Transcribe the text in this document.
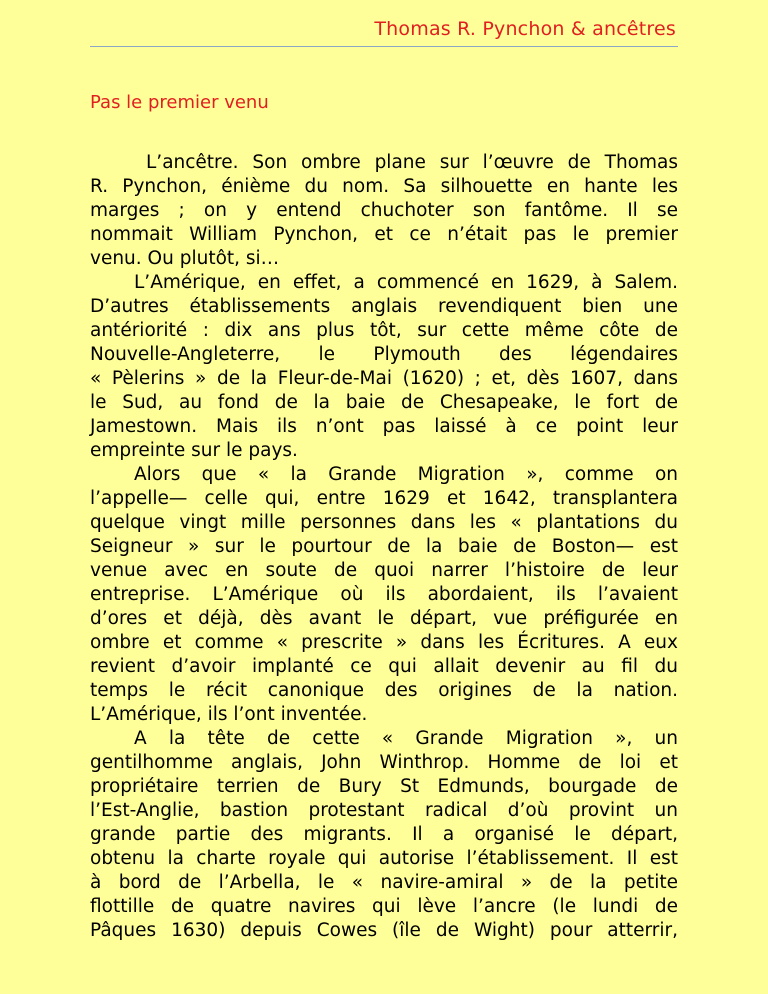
Thomas R. Pynchon & ancêtres
Pas le premier venu

L’ancêtre. Son ombre plane sur l’œuvre de Thomas
R. Pynchon, énième du nom. Sa silhouette en hante les
marges ; on y entend chuchoter son fantôme. Il se
nommait William Pynchon, et ce n’était pas le premier
venu. Ou plutôt, si…

L’Amérique, en effet, a commencé en 1629, à Salem.
D’autres établissements anglais revendiquent bien une
antériorité : dix ans plus tôt, sur cette même côte de
Nouvelle-Angleterre, le Plymouth des légendaires
« Pèlerins » de la Fleur-de-Mai (1620) ; et, dès 1607, dans
le Sud, au fond de la baie de Chesapeake, le fort de
Jamestown. Mais ils n’ont pas laissé à ce point leur
empreinte sur le pays.

Alors que « la Grande Migration », comme on
l’appelle— celle qui, entre 1629 et 1642, transplantera
quelque vingt mille personnes dans les « plantations du
Seigneur » sur le pourtour de la baie de Boston— est
venue avec en soute de quoi narrer l’histoire de leur
entreprise. L’Amérique où ils abordaient, ils l’avaient
d’ores et déjà, dès avant le départ, vue préfigurée en
ombre et comme « prescrite » dans les Écritures. A eux
revient d’avoir implanté ce qui allait devenir au fil du
temps le récit canonique des origines de la nation.
L’Amérique, ils l’ont inventée.

A la tête de cette « Grande Migration », un
gentilhomme anglais, John Winthrop. Homme de loi et
propriétaire terrien de Bury St Edmunds, bourgade de
l’Est-Anglie, bastion protestant radical d’où provint un
grande partie des migrants. Il a organisé le départ,
obtenu la charte royale qui autorise l’établissement. Il est
à bord de l’Arbella, le « navire-amiral » de la petite
flottille de quatre navires qui lève l’ancre (le lundi de
Pâques 1630) depuis Cowes (île de Wight) pour atterrir,
